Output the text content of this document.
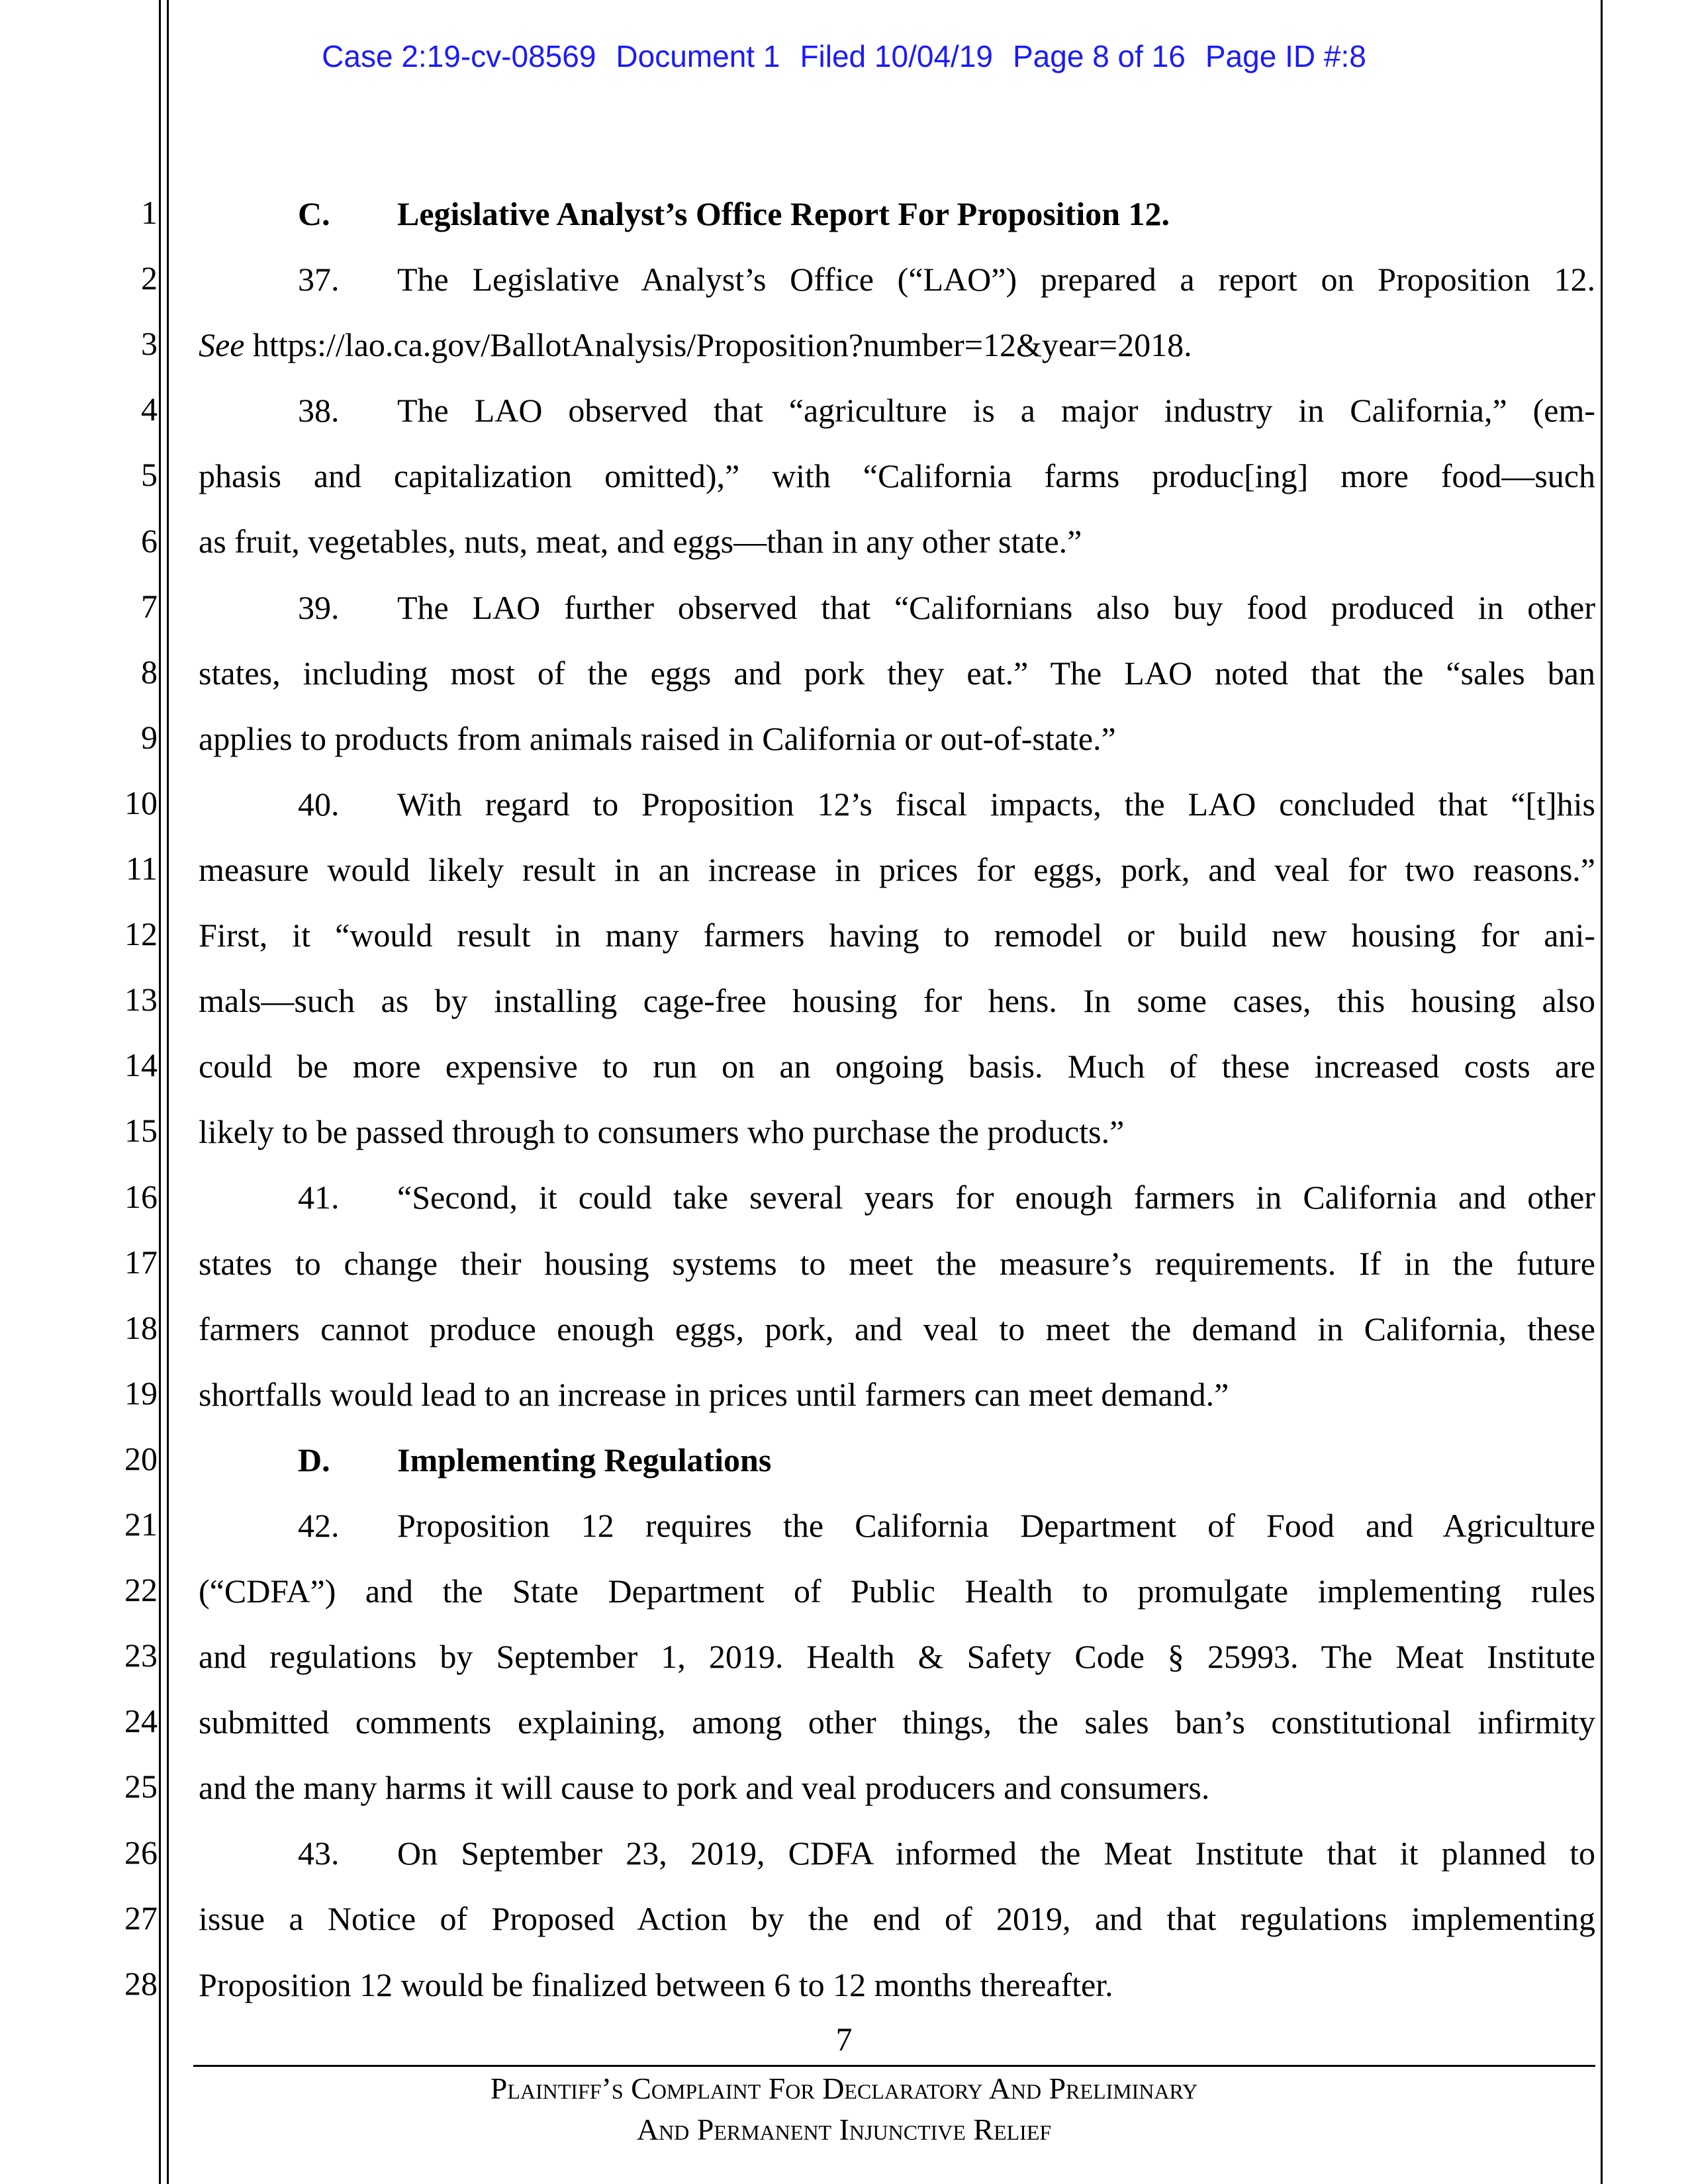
Case 2:19-cv-08569 Document 1 Filed 10/04/19 Page 8 of 16 Page ID #:8
1
2
3
4
5
6
7
8
9
10
11
12
13
14
15
16
17
18
19
20
21
22
23
24
25
26
27
28
C. Legislative Analyst’s Office Report For Proposition 12.
37. The Legislative Analyst’s Office (“LAO”) prepared a report on Proposition 12.
See https://lao.ca.gov/BallotAnalysis/Proposition?number=12&year=2018.
38. The LAO observed that “agriculture is a major industry in California,” (em-
phasis and capitalization omitted),” with “California farms produc[ing] more food—such
as fruit, vegetables, nuts, meat, and eggs—than in any other state.”
39. The LAO further observed that “Californians also buy food produced in other
states, including most of the eggs and pork they eat.” The LAO noted that the “sales ban
applies to products from animals raised in California or out-of-state.”
40. With regard to Proposition 12’s fiscal impacts, the LAO concluded that “[t]his
measure would likely result in an increase in prices for eggs, pork, and veal for two reasons.”
First, it “would result in many farmers having to remodel or build new housing for ani-
mals—such as by installing cage-free housing for hens. In some cases, this housing also
could be more expensive to run on an ongoing basis. Much of these increased costs are
likely to be passed through to consumers who purchase the products.”
41. “Second, it could take several years for enough farmers in California and other
states to change their housing systems to meet the measure’s requirements. If in the future
farmers cannot produce enough eggs, pork, and veal to meet the demand in California, these
shortfalls would lead to an increase in prices until farmers can meet demand.”
D. Implementing Regulations
42. Proposition 12 requires the California Department of Food and Agriculture
(“CDFA”) and the State Department of Public Health to promulgate implementing rules
and regulations by September 1, 2019. Health & Safety Code § 25993. The Meat Institute
submitted comments explaining, among other things, the sales ban’s constitutional infirmity
and the many harms it will cause to pork and veal producers and consumers.
43. On September 23, 2019, CDFA informed the Meat Institute that it planned to
issue a Notice of Proposed Action by the end of 2019, and that regulations implementing
Proposition 12 would be finalized between 6 to 12 months thereafter.
7
Plaintiff’s Complaint For Declaratory And Preliminary
And Permanent Injunctive Relief
